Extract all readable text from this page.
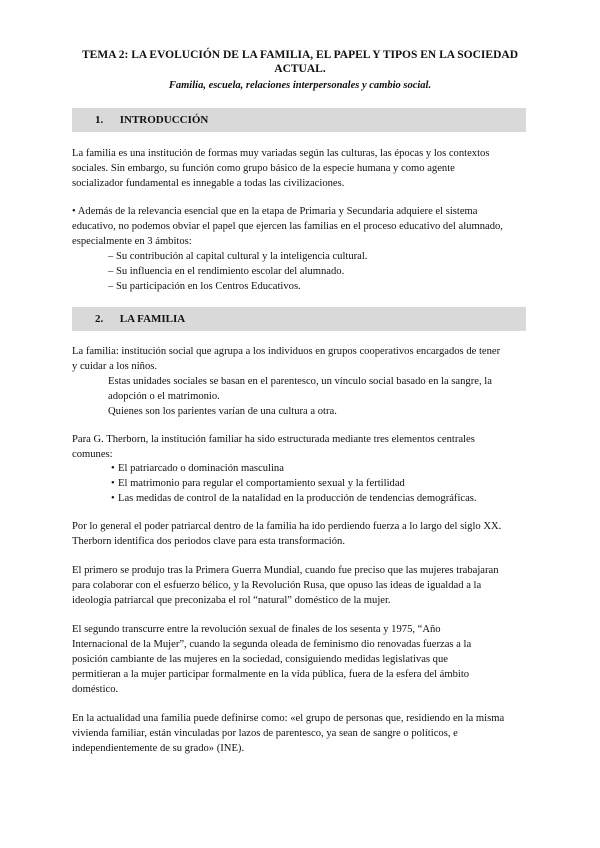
TEMA 2: LA EVOLUCIÓN DE LA FAMILIA, EL PAPEL Y TIPOS EN LA SOCIEDAD
ACTUAL.
Familia, escuela, relaciones interpersonales y cambio social.
1. INTRODUCCIÓN
La familia es una institución de formas muy variadas según las culturas, las épocas y los contextos
sociales. Sin embargo, su función como grupo básico de la especie humana y como agente
socializador fundamental es innegable a todas las civilizaciones.
• Además de la relevancia esencial que en la etapa de Primaria y Secundaria adquiere el sistema
educativo, no podemos obviar el papel que ejercen las familias en el proceso educativo del alumnado,
especialmente en 3 ámbitos:
– Su contribución al capital cultural y la inteligencia cultural.
– Su influencia en el rendimiento escolar del alumnado.
– Su participación en los Centros Educativos.
2. LA FAMILIA
La familia: institución social que agrupa a los individuos en grupos cooperativos encargados de tener
y cuidar a los niños.
Estas unidades sociales se basan en el parentesco, un vínculo social basado en la sangre, la
adopción o el matrimonio.
Quienes son los parientes varían de una cultura a otra.
Para G. Therborn, la institución familiar ha sido estructurada mediante tres elementos centrales
comunes:
• El patriarcado o dominación masculina
• El matrimonio para regular el comportamiento sexual y la fertilidad
• Las medidas de control de la natalidad en la producción de tendencias demográficas.
Por lo general el poder patriarcal dentro de la familia ha ido perdiendo fuerza a lo largo del siglo XX.
Therborn identifica dos periodos clave para esta transformación.
El primero se produjo tras la Primera Guerra Mundial, cuando fue preciso que las mujeres trabajaran
para colaborar con el esfuerzo bélico, y la Revolución Rusa, que opuso las ideas de igualdad a la
ideología patriarcal que preconizaba el rol “natural” doméstico de la mujer.
El segundo transcurre entre la revolución sexual de finales de los sesenta y 1975, “Año
Internacional de la Mujer”, cuando la segunda oleada de feminismo dio renovadas fuerzas a la
posición cambiante de las mujeres en la sociedad, consiguiendo medidas legislativas que
permitieran a la mujer participar formalmente en la vida pública, fuera de la esfera del ámbito
doméstico.
En la actualidad una familia puede definirse como: «el grupo de personas que, residiendo en la misma
vivienda familiar, están vinculadas por lazos de parentesco, ya sean de sangre o políticos, e
independientemente de su grado» (INE).
